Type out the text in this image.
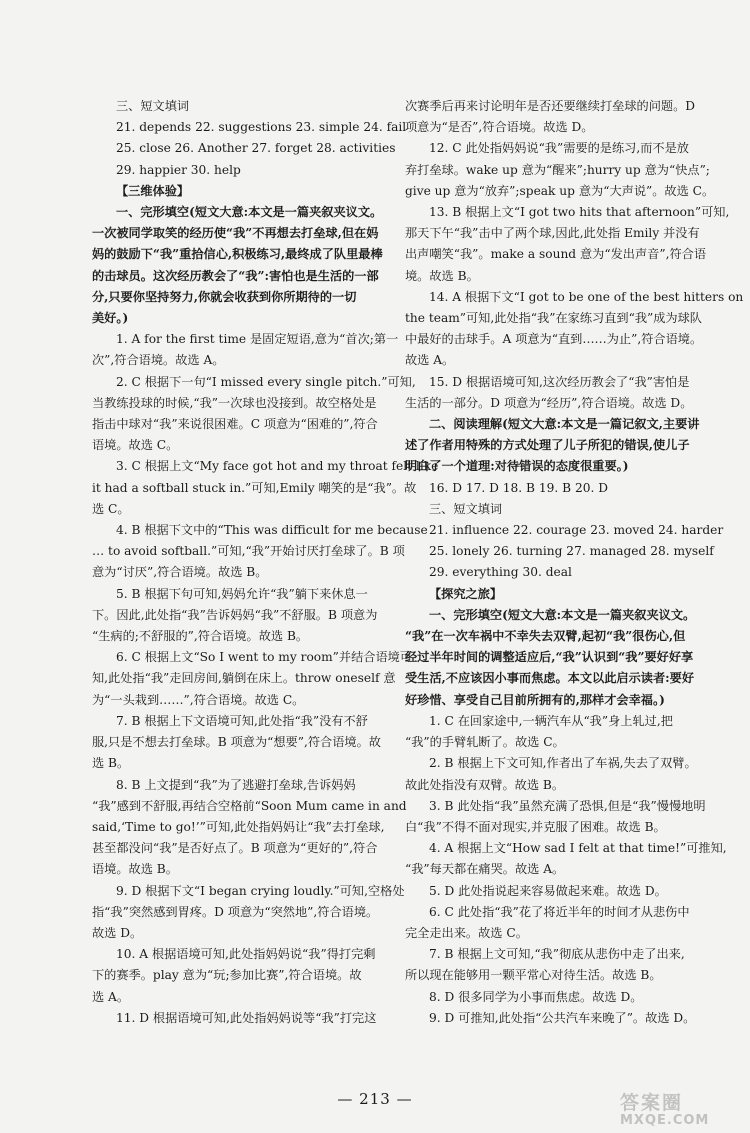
三、短文填词
21. depends 22. suggestions 23. simple 24. fail
25. close 26. Another 27. forget 28. activities
29. happier 30. help
【三维体验】
一、完形填空(短文大意:本文是一篇夹叙夹议文。
一次被同学取笑的经历使“我”不再想去打垒球,但在妈
妈的鼓励下“我”重拾信心,积极练习,最终成了队里最棒
的击球员。这次经历教会了“我”:害怕也是生活的一部
分,只要你坚持努力,你就会收获到你所期待的一切
美好。)
1. A for the first time 是固定短语,意为“首次;第一
次”,符合语境。故选 A。
2. C 根据下一句“I missed every single pitch.”可知,
当教练投球的时候,“我”一次球也没接到。故空格处是
指击中球对“我”来说很困难。C 项意为“困难的”,符合
语境。故选 C。
3. C 根据上文“My face got hot and my throat felt like
it had a softball stuck in.”可知,Emily 嘲笑的是“我”。故
选 C。
4. B 根据下文中的“This was difficult for me because
… to avoid softball.”可知,“我”开始讨厌打垒球了。B 项
意为“讨厌”,符合语境。故选 B。
5. B 根据下句可知,妈妈允许“我”躺下来休息一
下。因此,此处指“我”告诉妈妈“我”不舒服。B 项意为
“生病的;不舒服的”,符合语境。故选 B。
6. C 根据上文“So I went to my room”并结合语境可
知,此处指“我”走回房间,躺倒在床上。throw oneself 意
为“一头栽到……”,符合语境。故选 C。
7. B 根据上下文语境可知,此处指“我”没有不舒
服,只是不想去打垒球。B 项意为“想要”,符合语境。故
选 B。
8. B 上文提到“我”为了逃避打垒球,告诉妈妈
“我”感到不舒服,再结合空格前“Soon Mum came in and
said,‘Time to go!’”可知,此处指妈妈让“我”去打垒球,
甚至都没问“我”是否好点了。B 项意为“更好的”,符合
语境。故选 B。
9. D 根据下文“I began crying loudly.”可知,空格处
指“我”突然感到胃疼。D 项意为“突然地”,符合语境。
故选 D。
10. A 根据语境可知,此处指妈妈说“我”得打完剩
下的赛季。play 意为“玩;参加比赛”,符合语境。故
选 A。
11. D 根据语境可知,此处指妈妈说等“我”打完这
次赛季后再来讨论明年是否还要继续打垒球的问题。D
项意为“是否”,符合语境。故选 D。
12. C 此处指妈妈说“我”需要的是练习,而不是放
弃打垒球。wake up 意为“醒来”;hurry up 意为“快点”;
give up 意为“放弃”;speak up 意为“大声说”。故选 C。
13. B 根据上文“I got two hits that afternoon”可知,
那天下午“我”击中了两个球,因此,此处指 Emily 并没有
出声嘲笑“我”。make a sound 意为“发出声音”,符合语
境。故选 B。
14. A 根据下文“I got to be one of the best hitters on
the team”可知,此处指“我”在家练习直到“我”成为球队
中最好的击球手。A 项意为“直到……为止”,符合语境。
故选 A。
15. D 根据语境可知,这次经历教会了“我”害怕是
生活的一部分。D 项意为“经历”,符合语境。故选 D。
二、阅读理解(短文大意:本文是一篇记叙文,主要讲
述了作者用特殊的方式处理了儿子所犯的错误,使儿子
明白了一个道理:对待错误的态度很重要。)
16. D 17. D 18. B 19. B 20. D
三、短文填词
21. influence 22. courage 23. moved 24. harder
25. lonely 26. turning 27. managed 28. myself
29. everything 30. deal
【探究之旅】
一、完形填空(短文大意:本文是一篇夹叙夹议文。
“我”在一次车祸中不幸失去双臂,起初“我”很伤心,但
经过半年时间的调整适应后,“我”认识到“我”要好好享
受生活,不应该因小事而焦虑。本文以此启示读者:要好
好珍惜、享受自己目前所拥有的,那样才会幸福。)
1. C 在回家途中,一辆汽车从“我”身上轧过,把
“我”的手臂轧断了。故选 C。
2. B 根据上下文可知,作者出了车祸,失去了双臂。
故此处指没有双臂。故选 B。
3. B 此处指“我”虽然充满了恐惧,但是“我”慢慢地明
白“我”不得不面对现实,并克服了困难。故选 B。
4. A 根据上文“How sad I felt at that time!”可推知,
“我”每天都在痛哭。故选 A。
5. D 此处指说起来容易做起来难。故选 D。
6. C 此处指“我”花了将近半年的时间才从悲伤中
完全走出来。故选 C。
7. B 根据上文可知,“我”彻底从悲伤中走了出来,
所以现在能够用一颗平常心对待生活。故选 B。
8. D 很多同学为小事而焦虑。故选 D。
9. D 可推知,此处指“公共汽车来晚了”。故选 D。
— 213 —	答案圈
MXQE.COM
